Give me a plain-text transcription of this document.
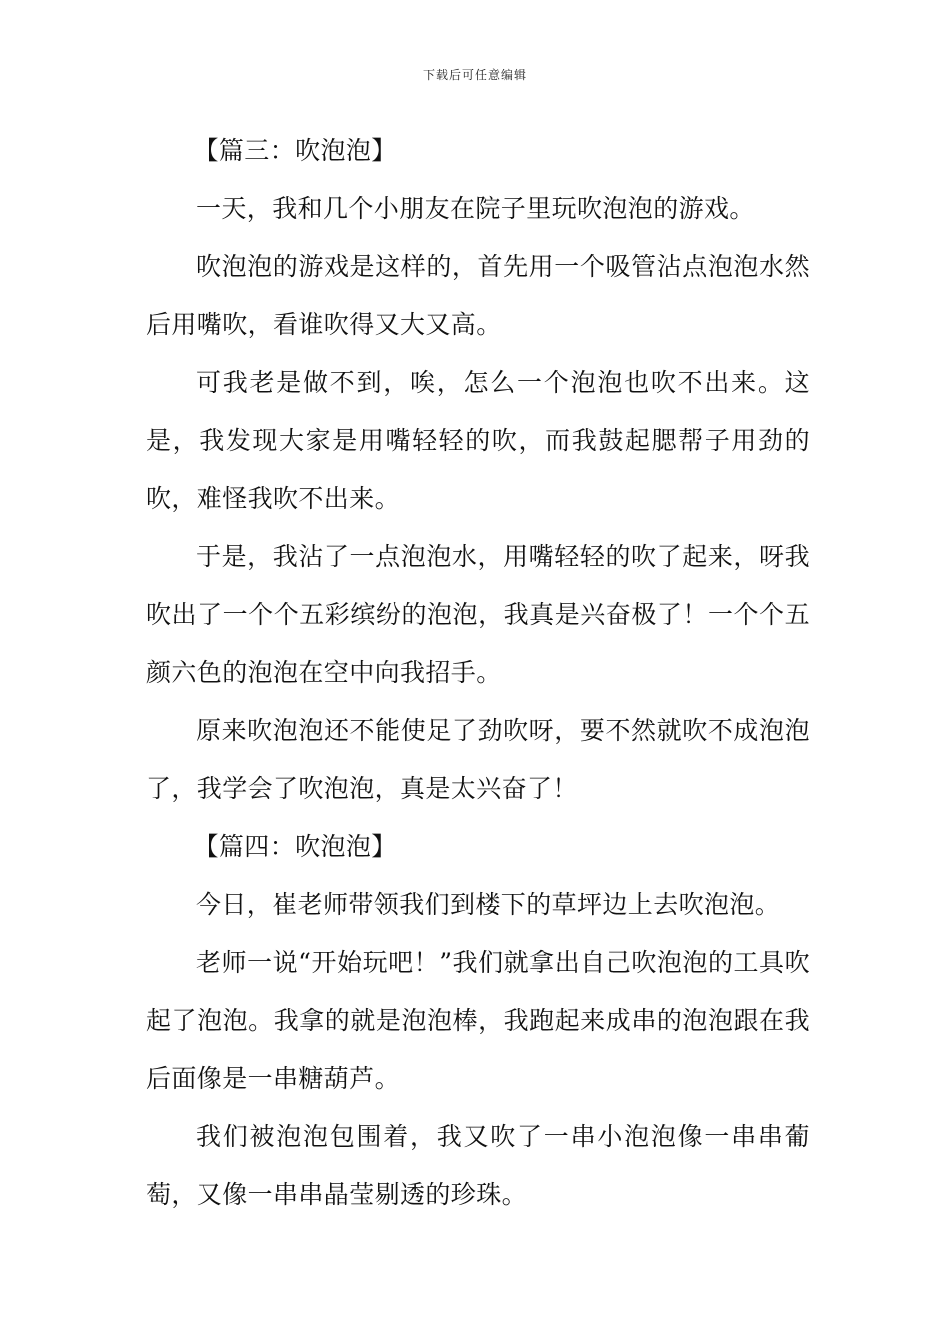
下载后可任意编辑

【篇三：吹泡泡】

一天，我和几个小朋友在院子里玩吹泡泡的游戏。

吹泡泡的游戏是这样的，首先用一个吸管沾点泡泡水然后用嘴吹，看谁吹得又大又高。

可我老是做不到，唉，怎么一个泡泡也吹不出来。这是，我发现大家是用嘴轻轻的吹，而我鼓起腮帮子用劲的吹，难怪我吹不出来。

于是，我沾了一点泡泡水，用嘴轻轻的吹了起来，呀我吹出了一个个五彩缤纷的泡泡，我真是兴奋极了！一个个五颜六色的泡泡在空中向我招手。

原来吹泡泡还不能使足了劲吹呀，要不然就吹不成泡泡了，我学会了吹泡泡，真是太兴奋了！

【篇四：吹泡泡】

今日，崔老师带领我们到楼下的草坪边上去吹泡泡。

老师一说“开始玩吧！”我们就拿出自己吹泡泡的工具吹起了泡泡。我拿的就是泡泡棒，我跑起来成串的泡泡跟在我后面像是一串糖葫芦。

我们被泡泡包围着，我又吹了一串小泡泡像一串串葡萄，又像一串串晶莹剔透的珍珠。
